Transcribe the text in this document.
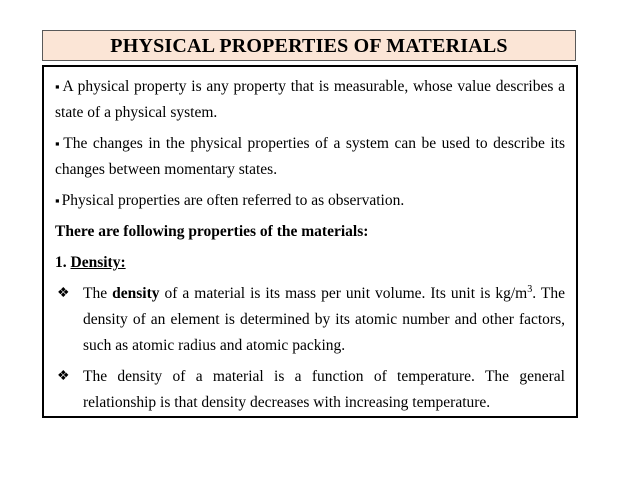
PHYSICAL PROPERTIES OF MATERIALS

▪ A physical property is any property that is measurable, whose value describes a state of a physical system.

▪ The changes in the physical properties of a system can be used to describe its changes between momentary states.

▪ Physical properties are often referred to as observation.

There are following properties of the materials:

1. Density:

❖ The density of a material is its mass per unit volume. Its unit is $kg/m^3$. The density of an element is determined by its atomic number and other factors, such as atomic radius and atomic packing.

❖ The density of a material is a function of temperature. The general relationship is that density decreases with increasing temperature.
